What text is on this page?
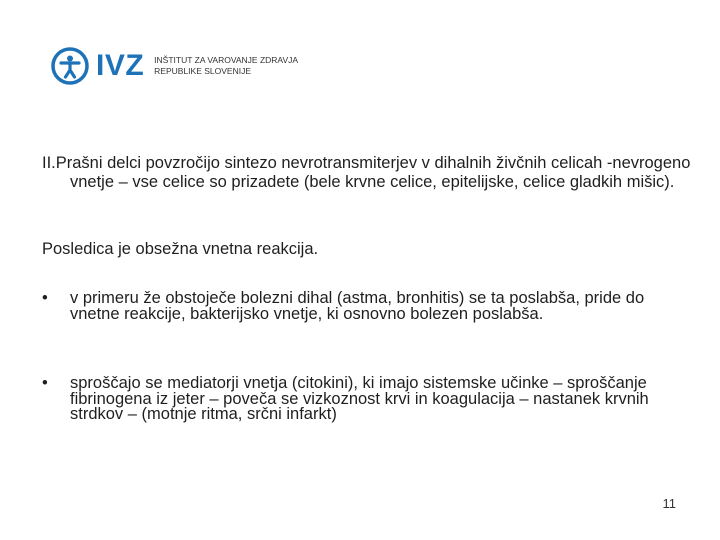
IVZ INŠTITUT ZA VAROVANJE ZDRAVJA
REPUBLIKE SLOVENIJE
II.Prašni delci povzročijo sintezo nevrotransmiterjev v dihalnih živčnih celicah -nevrogeno vnetje – vse celice so prizadete (bele krvne celice, epitelijske, celice gladkih mišic).
Posledica je obsežna vnetna reakcija.
• v primeru že obstoječe bolezni dihal (astma, bronhitis) se ta poslabša, pride do vnetne reakcije, bakterijsko vnetje, ki osnovno bolezen poslabša.
• sproščajo se mediatorji vnetja (citokini), ki imajo sistemske učinke – sproščanje fibrinogena iz jeter – poveča se vizkoznost krvi in koagulacija – nastanek krvnih strdkov – (motnje ritma, srčni infarkt)
11
